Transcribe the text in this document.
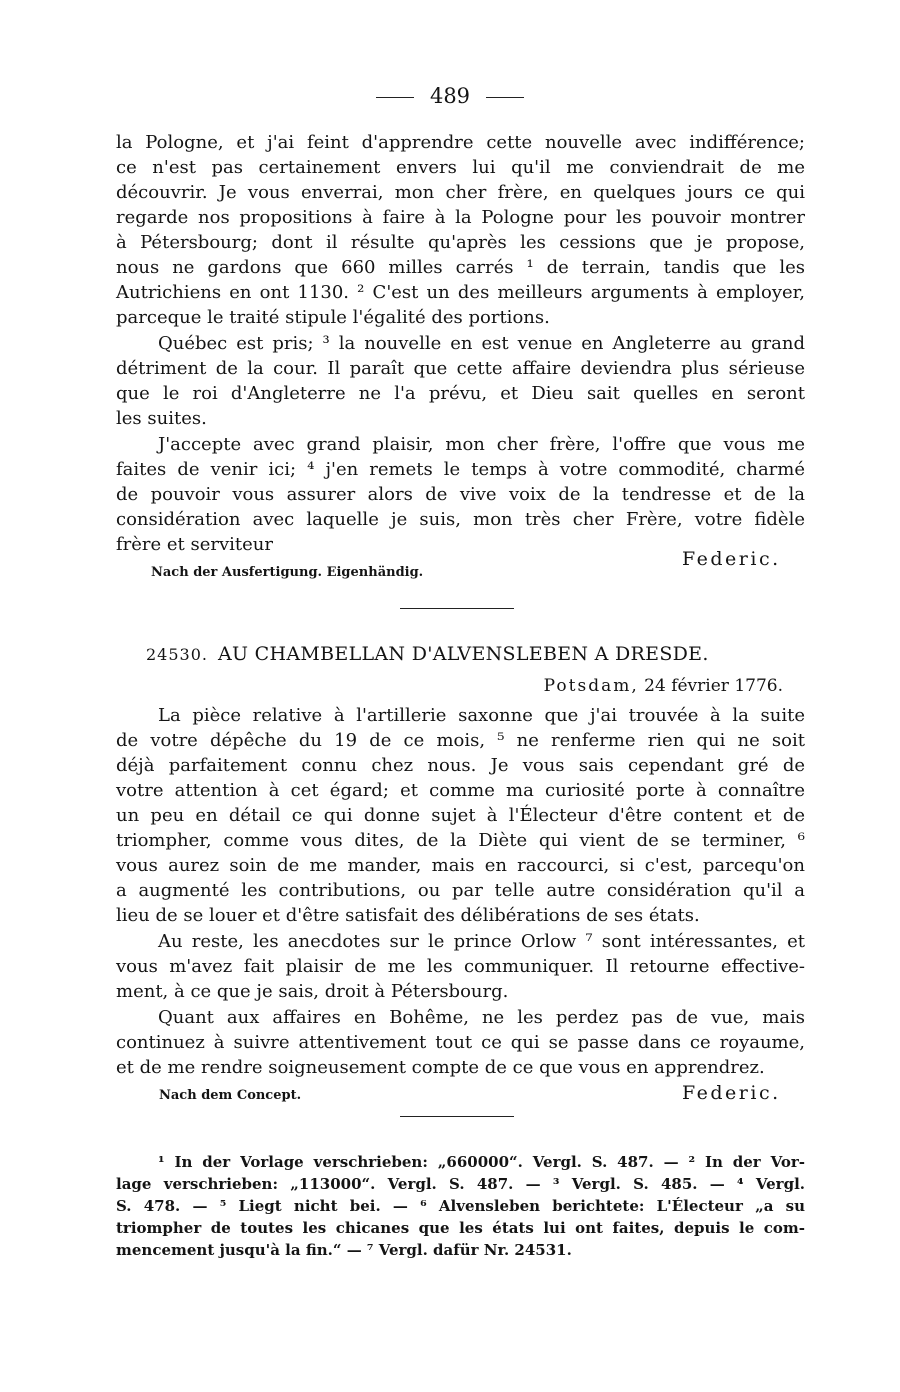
489
la Pologne, et j'ai feint d'apprendre cette nouvelle avec indifférence;
ce n'est pas certainement envers lui qu'il me conviendrait de me
découvrir. Je vous enverrai, mon cher frère, en quelques jours ce qui
regarde nos propositions à faire à la Pologne pour les pouvoir montrer
à Pétersbourg; dont il résulte qu'après les cessions que je propose,
nous ne gardons que 660 milles carrés ¹ de terrain, tandis que les
Autrichiens en ont 1130. ² C'est un des meilleurs arguments à employer,
parceque le traité stipule l'égalité des portions.
Québec est pris; ³ la nouvelle en est venue en Angleterre au grand
détriment de la cour. Il paraît que cette affaire deviendra plus sérieuse
que le roi d'Angleterre ne l'a prévu, et Dieu sait quelles en seront
les suites.
J'accepte avec grand plaisir, mon cher frère, l'offre que vous me
faites de venir ici; ⁴ j'en remets le temps à votre commodité, charmé
de pouvoir vous assurer alors de vive voix de la tendresse et de la
considération avec laquelle je suis, mon très cher Frère, votre fidèle
frère et serviteur
Federic.
Nach der Ausfertigung. Eigenhändig.
24530. AU CHAMBELLAN D'ALVENSLEBEN A DRESDE.
Potsdam, 24 février 1776.
La pièce relative à l'artillerie saxonne que j'ai trouvée à la suite
de votre dépêche du 19 de ce mois, ⁵ ne renferme rien qui ne soit
déjà parfaitement connu chez nous. Je vous sais cependant gré de
votre attention à cet égard; et comme ma curiosité porte à connaître
un peu en détail ce qui donne sujet à l'Électeur d'être content et de
triompher, comme vous dites, de la Diète qui vient de se terminer, ⁶
vous aurez soin de me mander, mais en raccourci, si c'est, parcequ'on
a augmenté les contributions, ou par telle autre considération qu'il a
lieu de se louer et d'être satisfait des délibérations de ses états.
Au reste, les anecdotes sur le prince Orlow ⁷ sont intéressantes, et
vous m'avez fait plaisir de me les communiquer. Il retourne effective-
ment, à ce que je sais, droit à Pétersbourg.
Quant aux affaires en Bohême, ne les perdez pas de vue, mais
continuez à suivre attentivement tout ce qui se passe dans ce royaume,
et de me rendre soigneusement compte de ce que vous en apprendrez.
Nach dem Concept.	Federic.
¹ In der Vorlage verschrieben: „660000“. Vergl. S. 487. — ² In der Vor-
lage verschrieben: „113000“. Vergl. S. 487. — ³ Vergl. S. 485. — ⁴ Vergl.
S. 478. — ⁵ Liegt nicht bei. — ⁶ Alvensleben berichtete: L'Électeur „a su
triompher de toutes les chicanes que les états lui ont faites, depuis le com-
mencement jusqu'à la fin.“ — ⁷ Vergl. dafür Nr. 24531.
